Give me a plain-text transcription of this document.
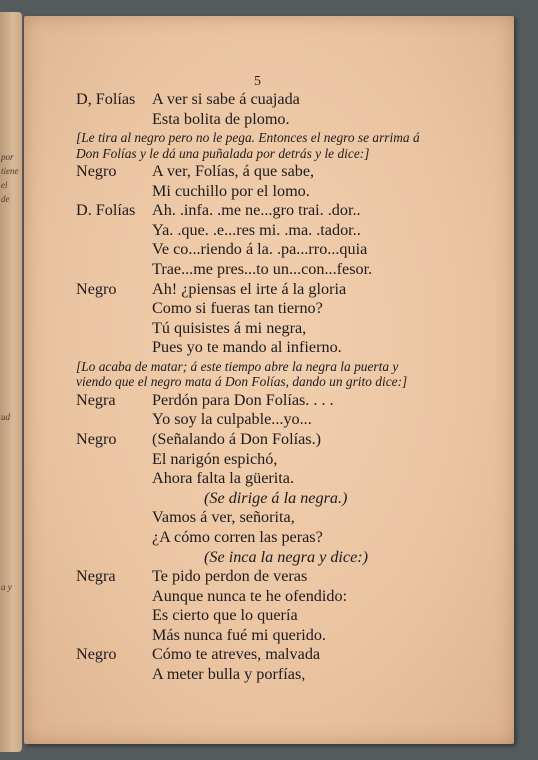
por
tiene
el
de
ud
a y
5
D, Folías A ver si sabe á cuajada
Esta bolita de plomo.
[Le tira al negro pero no le pega. Entonces el negro se arrima á Don Folías y le dá una puñalada por detrás y le dice:]
Negro A ver, Folías, á que sabe,
Mi cuchillo por el lomo.
D. Folías Ah. .infa. .me ne...gro trai. .dor..
Ya. .que. .e...res mi. .ma. .tador..
Ve co...riendo á la. .pa...rro...quia
Trae...me pres...to un...con...fesor.
Negro Ah! ¿piensas el irte á la gloria
Como si fueras tan tierno?
Tú quisistes á mi negra,
Pues yo te mando al infierno.
[Lo acaba de matar; á este tiempo abre la negra la puerta y viendo que el negro mata á Don Folías, dando un grito dice:]
Negra Perdón para Don Folías. . . .
Yo soy la culpable...yo...
Negro (Señalando á Don Folías.)
El narigón espichó,
Ahora falta la güerita.
(Se dirige á la negra.)
Vamos á ver, señorita,
¿A cómo corren las peras?
(Se inca la negra y dice:)
Negra Te pido perdon de veras
Aunque nunca te he ofendido:
Es cierto que lo quería
Más nunca fué mi querido.
Negro Cómo te atreves, malvada
A meter bulla y porfías,
